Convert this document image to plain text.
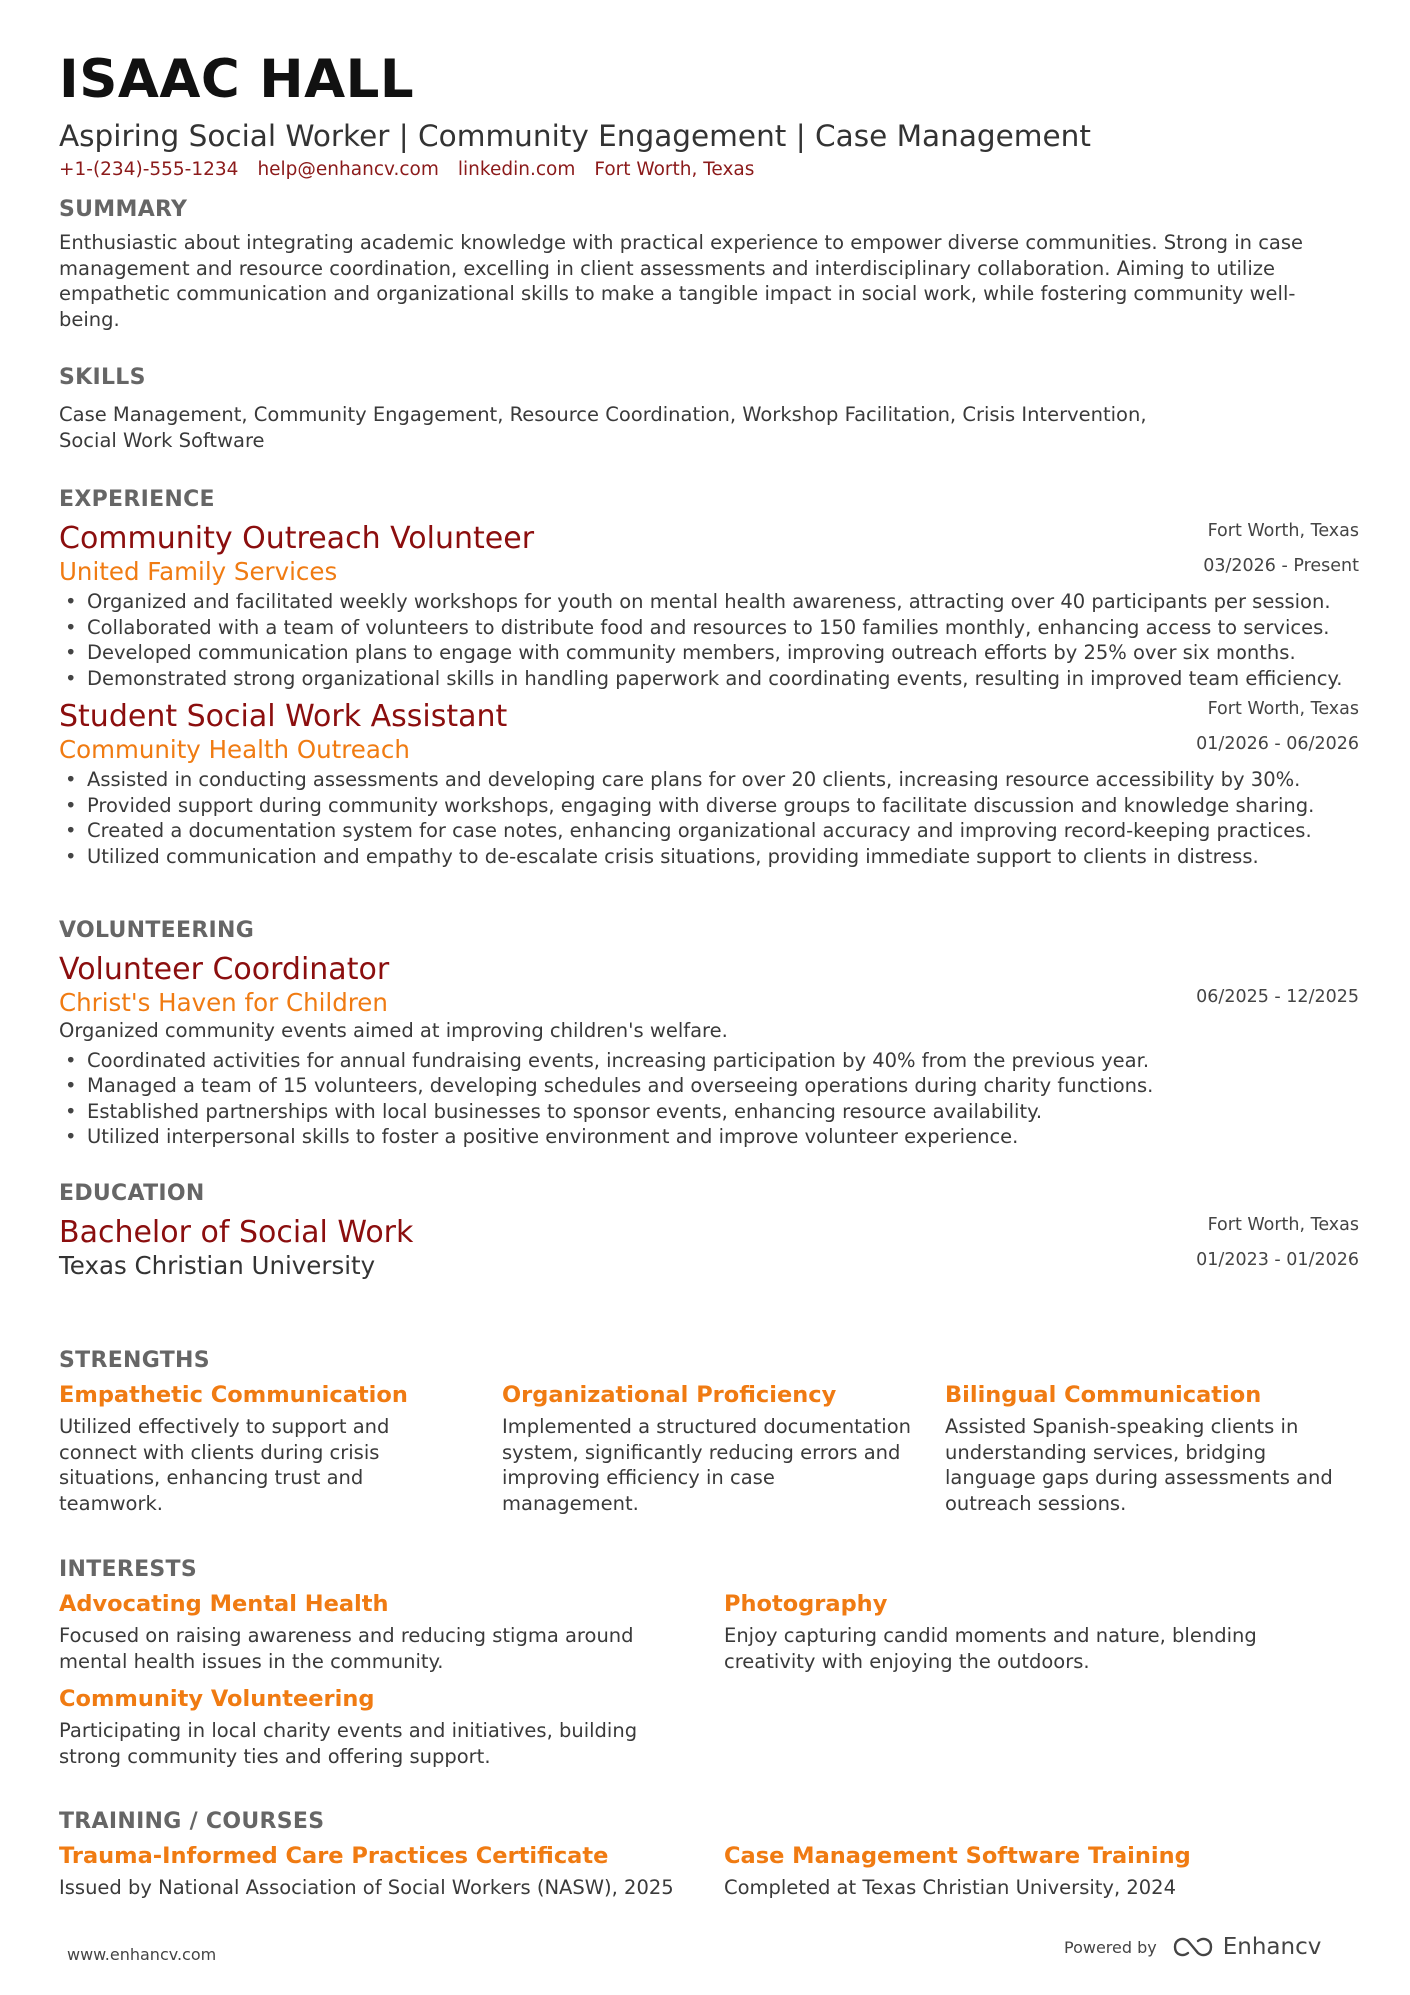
ISAAC HALL
Aspiring Social Worker | Community Engagement | Case Management
+1-(234)-555-1234 help@enhancv.com linkedin.com Fort Worth, Texas
SUMMARY
Enthusiastic about integrating academic knowledge with practical experience to empower diverse communities. Strong in case management and resource coordination, excelling in client assessments and interdisciplinary collaboration. Aiming to utilize empathetic communication and organizational skills to make a tangible impact in social work, while fostering community well-being.
SKILLS
Case Management, Community Engagement, Resource Coordination, Workshop Facilitation, Crisis Intervention,
Social Work Software
EXPERIENCE
Community Outreach Volunteer
United Family Services
Fort Worth, Texas
03/2026 - Present
• Organized and facilitated weekly workshops for youth on mental health awareness, attracting over 40 participants per session.
• Collaborated with a team of volunteers to distribute food and resources to 150 families monthly, enhancing access to services.
• Developed communication plans to engage with community members, improving outreach efforts by 25% over six months.
• Demonstrated strong organizational skills in handling paperwork and coordinating events, resulting in improved team efficiency.
Student Social Work Assistant
Community Health Outreach
Fort Worth, Texas
01/2026 - 06/2026
• Assisted in conducting assessments and developing care plans for over 20 clients, increasing resource accessibility by 30%.
• Provided support during community workshops, engaging with diverse groups to facilitate discussion and knowledge sharing.
• Created a documentation system for case notes, enhancing organizational accuracy and improving record-keeping practices.
• Utilized communication and empathy to de-escalate crisis situations, providing immediate support to clients in distress.
VOLUNTEERING
Volunteer Coordinator
Christ's Haven for Children	06/2025 - 12/2025
Organized community events aimed at improving children's welfare.
• Coordinated activities for annual fundraising events, increasing participation by 40% from the previous year.
• Managed a team of 15 volunteers, developing schedules and overseeing operations during charity functions.
• Established partnerships with local businesses to sponsor events, enhancing resource availability.
• Utilized interpersonal skills to foster a positive environment and improve volunteer experience.
EDUCATION
Bachelor of Social Work
Texas Christian University
Fort Worth, Texas
01/2023 - 01/2026
STRENGTHS
Empathetic Communication
Utilized effectively to support and connect with clients during crisis situations, enhancing trust and teamwork.
Organizational Proficiency
Implemented a structured documentation system, significantly reducing errors and improving efficiency in case management.
Bilingual Communication
Assisted Spanish-speaking clients in understanding services, bridging language gaps during assessments and outreach sessions.
INTERESTS
Advocating Mental Health
Focused on raising awareness and reducing stigma around mental health issues in the community.
Photography
Enjoy capturing candid moments and nature, blending creativity with enjoying the outdoors.
Community Volunteering
Participating in local charity events and initiatives, building strong community ties and offering support.
TRAINING / COURSES
Trauma-Informed Care Practices Certificate
Issued by National Association of Social Workers (NASW), 2025
Case Management Software Training
Completed at Texas Christian University, 2024
www.enhancv.com	Powered by	Enhancv
